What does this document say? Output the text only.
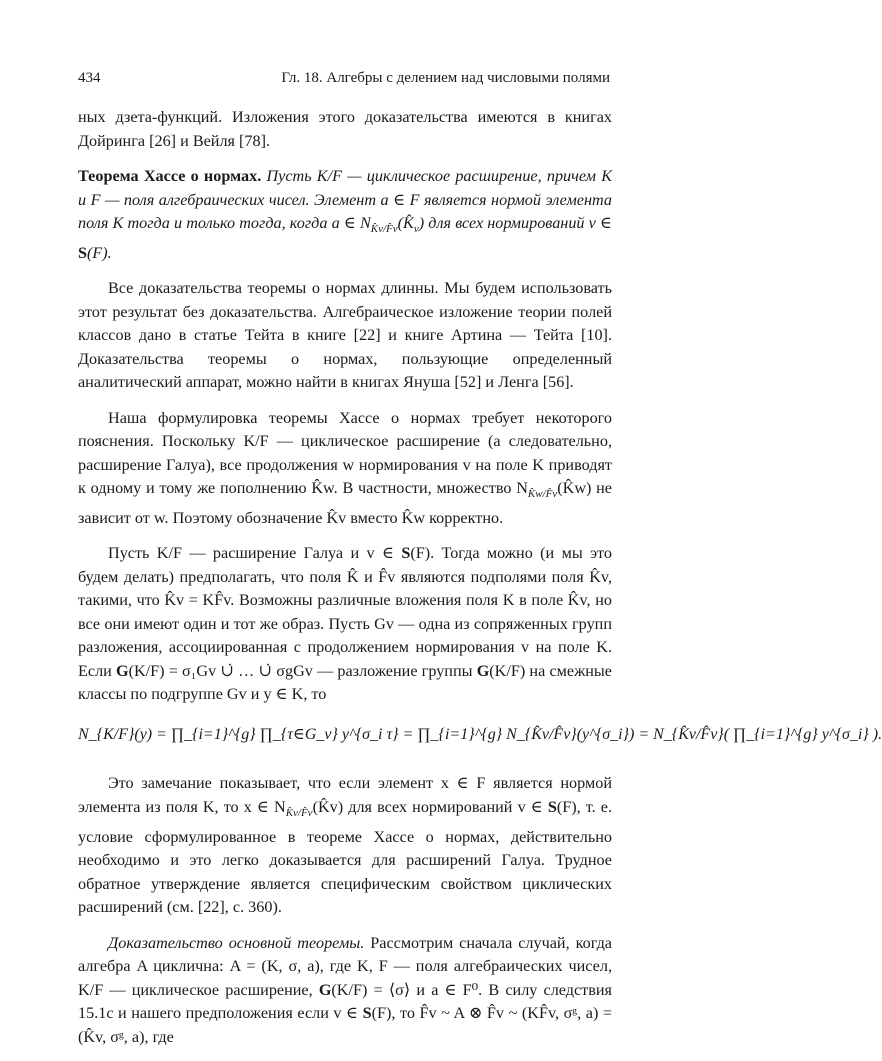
434	Гл. 18. Алгебры с делением над числовыми полями

ных дзета-функций. Изложения этого доказательства имеются в книгах Дойринга [26] и Вейля [78].

Теорема Хассе о нормах. Пусть K/F — циклическое расширение, причем K и F — поля алгебраических чисел. Элемент a ∈ F является нормой элемента поля K тогда и только тогда, когда a ∈ $N_{K̂v/F̂v}(K̂_v)$ для всех нормирований v ∈ S(F).

Все доказательства теоремы о нормах длинны. Мы будем использовать этот результат без доказательства. Алгебраическое изложение теории полей классов дано в статье Тейта в книге [22] и книге Артина — Тейта [10]. Доказательства теоремы о нормах, пользующие определенный аналитический аппарат, можно найти в книгах Януша [52] и Ленга [56].

Наша формулировка теоремы Хассе о нормах требует некоторого пояснения. Поскольку K/F — циклическое расширение (а следовательно, расширение Галуа), все продолжения w нормирования v на поле K приводят к одному и тому же пополнению K̂w. В частности, множество $N_{K̂w/F̂v}(K̂w)$ не зависит от w. Поэтому обозначение K̂v вместо K̂w корректно.

Пусть K/F — расширение Галуа и v ∈ S(F). Тогда можно (и мы это будем делать) предполагать, что поля K̂ и F̂v являются подполями поля K̂v, такими, что K̂v = KF̂v. Возможны различные вложения поля K в поле K̂v, но все они имеют один и тот же образ. Пусть Gv — одна из сопряженных групп разложения, ассоциированная с продолжением нормирования v на поле K. Если G(K/F) = σ₁Gv ∪̇ … ∪̇ σgGv — разложение группы G(K/F) на смежные классы по подгруппе Gv и y ∈ K, то

N_{K/F}(y) = ∏_{i=1}^{g} ∏_{τ∈G_v} y^{σ_i τ} = ∏_{i=1}^{g} N_{K̂v/F̂v}(y^{σ_i}) = N_{K̂v/F̂v}( ∏_{i=1}^{g} y^{σ_i} ).

Это замечание показывает, что если элемент x ∈ F является нормой элемента из поля K, то x ∈ $N_{K̂v/F̂v}(K̂v)$ для всех нормирований v ∈ S(F), т. е. условие сформулированное в теореме Хассе о нормах, действительно необходимо и это легко доказывается для расширений Галуа. Трудное обратное утверждение является специфическим свойством циклических расширений (см. [22], с. 360).

Доказательство основной теоремы. Рассмотрим сначала случай, когда алгебра A циклична: A = (K, σ, a), где K, F — поля алгебраических чисел, K/F — циклическое расширение, G(K/F) = ⟨σ⟩ и a ∈ F⁰. В силу следствия 15.1c и нашего предположения если v ∈ S(F), то F̂v ~ A ⊗ F̂v ~ (KF̂v, σᵍ, a) = (K̂v, σᵍ, a), где
